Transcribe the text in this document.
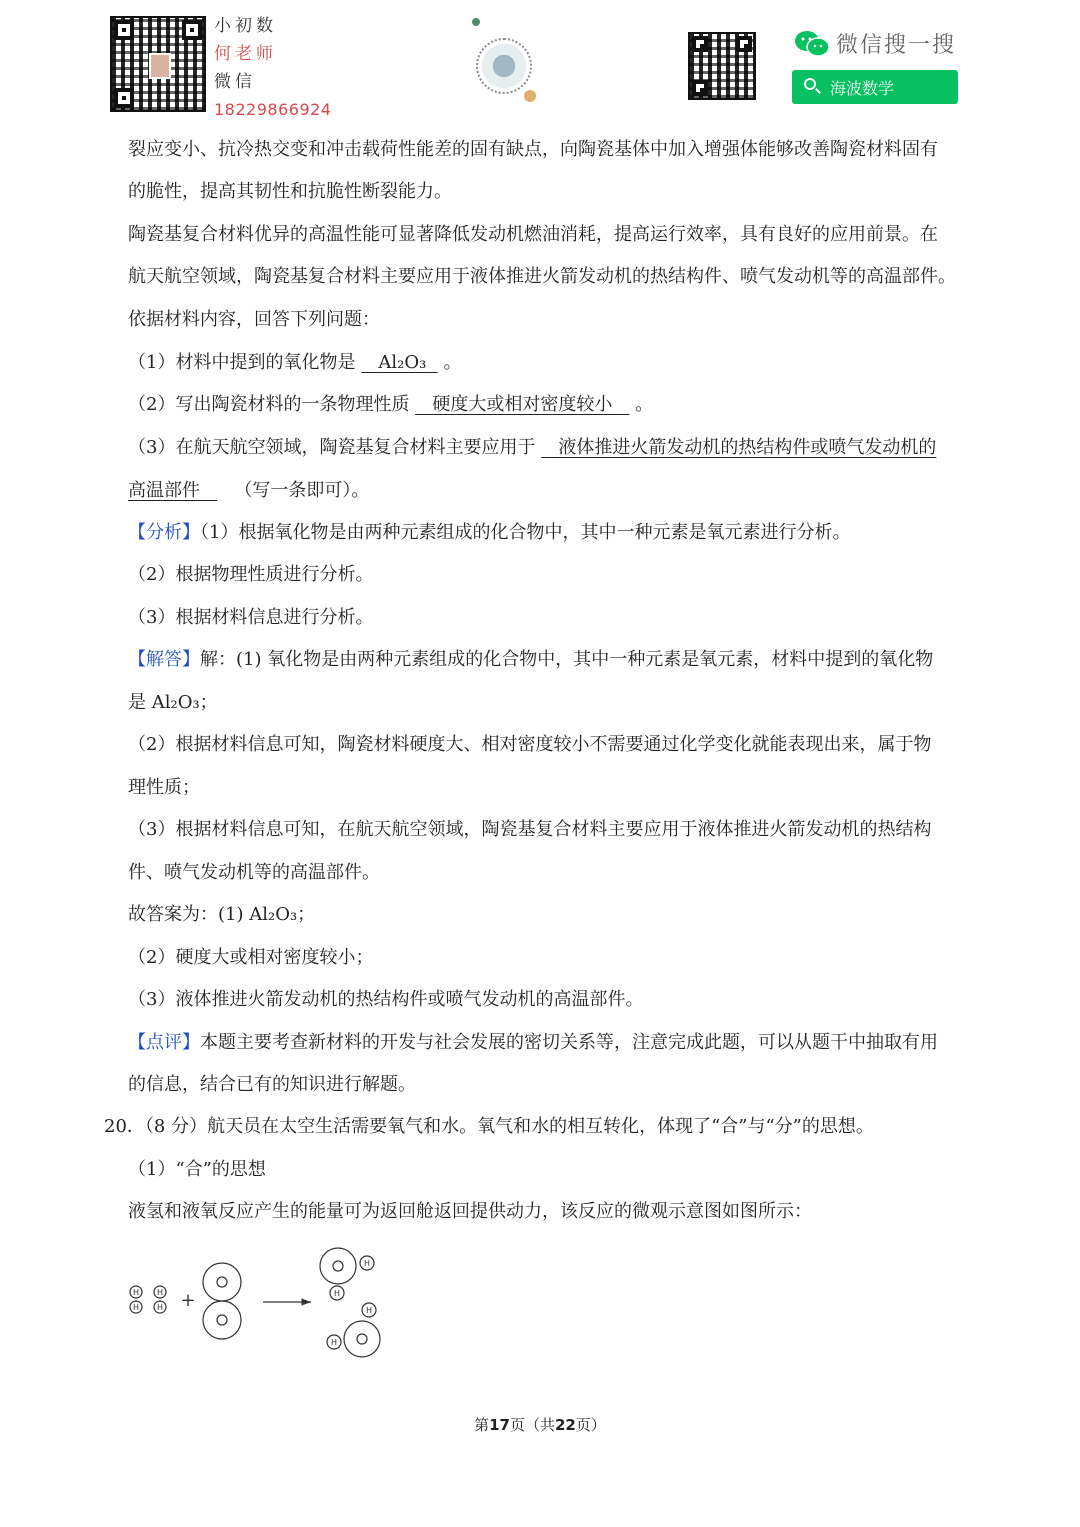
小初数
何老师
微信
18229866924
微信搜一搜
海波数学
裂应变小、抗冷热交变和冲击载荷性能差的固有缺点，向陶瓷基体中加入增强体能够改善陶瓷材料固有
的脆性，提高其韧性和抗脆性断裂能力。
陶瓷基复合材料优异的高温性能可显著降低发动机燃油消耗，提高运行效率，具有良好的应用前景。在
航天航空领域，陶瓷基复合材料主要应用于液体推进火箭发动机的热结构件、喷气发动机等的高温部件。
依据材料内容，回答下列问题：
（1）材料中提到的氧化物是 Al₂O₃ 。
（2）写出陶瓷材料的一条物理性质 硬度大或相对密度较小 。
（3）在航天航空领域，陶瓷基复合材料主要应用于 液体推进火箭发动机的热结构件或喷气发动机的
高温部件 （写一条即可）。
【分析】（1）根据氧化物是由两种元素组成的化合物中，其中一种元素是氧元素进行分析。
（2）根据物理性质进行分析。
（3）根据材料信息进行分析。
【解答】解：(1) 氧化物是由两种元素组成的化合物中，其中一种元素是氧元素，材料中提到的氧化物
是 Al₂O₃；
（2）根据材料信息可知，陶瓷材料硬度大、相对密度较小不需要通过化学变化就能表现出来，属于物
理性质；
（3）根据材料信息可知，在航天航空领域，陶瓷基复合材料主要应用于液体推进火箭发动机的热结构
件、喷气发动机等的高温部件。
故答案为：(1) Al₂O₃；
（2）硬度大或相对密度较小；
（3）液体推进火箭发动机的热结构件或喷气发动机的高温部件。
【点评】本题主要考查新材料的开发与社会发展的密切关系等，注意完成此题，可以从题干中抽取有用
的信息，结合已有的知识进行解题。
20．（8 分）航天员在太空生活需要氧气和水。氧气和水的相互转化，体现了“合”与“分”的思想。
（1）“合”的思想
液氢和液氧反应产生的能量可为返回舱返回提供动力，该反应的微观示意图如图所示：
H
H
H
H +
H
H
H
H
第17页（共22页）
